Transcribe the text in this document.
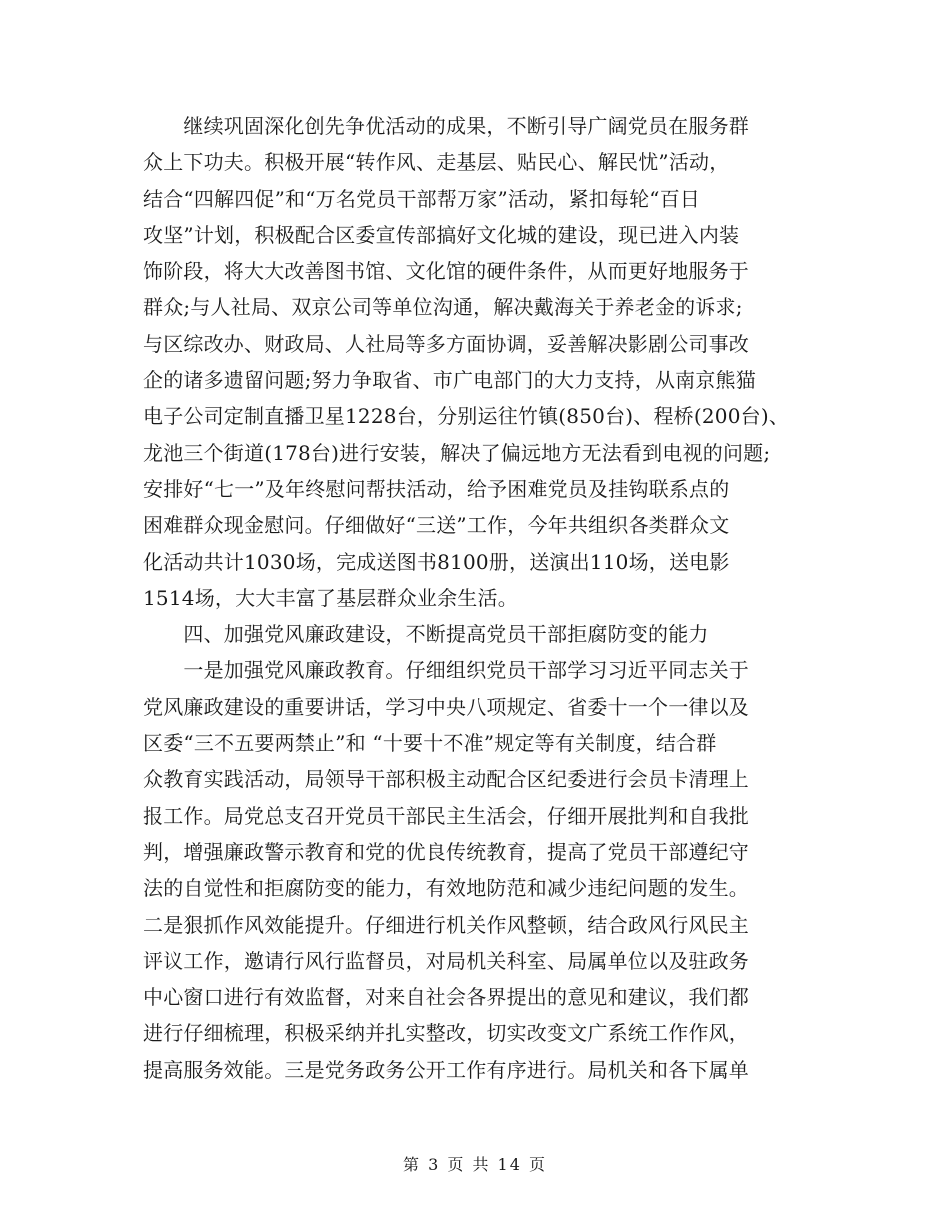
　　继续巩固深化创先争优活动的成果，不断引导广阔党员在服务群
众上下功夫。积极开展“转作风、走基层、贴民心、解民忧”活动，
结合“四解四促”和“万名党员干部帮万家”活动，紧扣每轮“百日
攻坚”计划，积极配合区委宣传部搞好文化城的建设，现已进入内装
饰阶段，将大大改善图书馆、文化馆的硬件条件，从而更好地服务于
群众;与人社局、双京公司等单位沟通，解决戴海关于养老金的诉求;
与区综改办、财政局、人社局等多方面协调，妥善解决影剧公司事改
企的诸多遗留问题;努力争取省、市广电部门的大力支持，从南京熊猫
电子公司定制直播卫星1228台，分别运往竹镇(850台)、程桥(200台)、
龙池三个街道(178台)进行安装，解决了偏远地方无法看到电视的问题;
安排好“七一”及年终慰问帮扶活动，给予困难党员及挂钩联系点的
困难群众现金慰问。仔细做好“三送”工作，今年共组织各类群众文
化活动共计1030场，完成送图书8100册，送演出110场，送电影
1514场，大大丰富了基层群众业余生活。
　　四、加强党风廉政建设，不断提高党员干部拒腐防变的能力
　　一是加强党风廉政教育。仔细组织党员干部学习习近平同志关于
党风廉政建设的重要讲话，学习中央八项规定、省委十一个一律以及
区委“三不五要两禁止”和 “十要十不准”规定等有关制度，结合群
众教育实践活动，局领导干部积极主动配合区纪委进行会员卡清理上
报工作。局党总支召开党员干部民主生活会，仔细开展批判和自我批
判，增强廉政警示教育和党的优良传统教育，提高了党员干部遵纪守
法的自觉性和拒腐防变的能力，有效地防范和减少违纪问题的发生。
二是狠抓作风效能提升。仔细进行机关作风整顿，结合政风行风民主
评议工作，邀请行风行监督员，对局机关科室、局属单位以及驻政务
中心窗口进行有效监督，对来自社会各界提出的意见和建议，我们都
进行仔细梳理，积极采纳并扎实整改，切实改变文广系统工作作风，
提高服务效能。三是党务政务公开工作有序进行。局机关和各下属单
第 3 页 共 14 页
